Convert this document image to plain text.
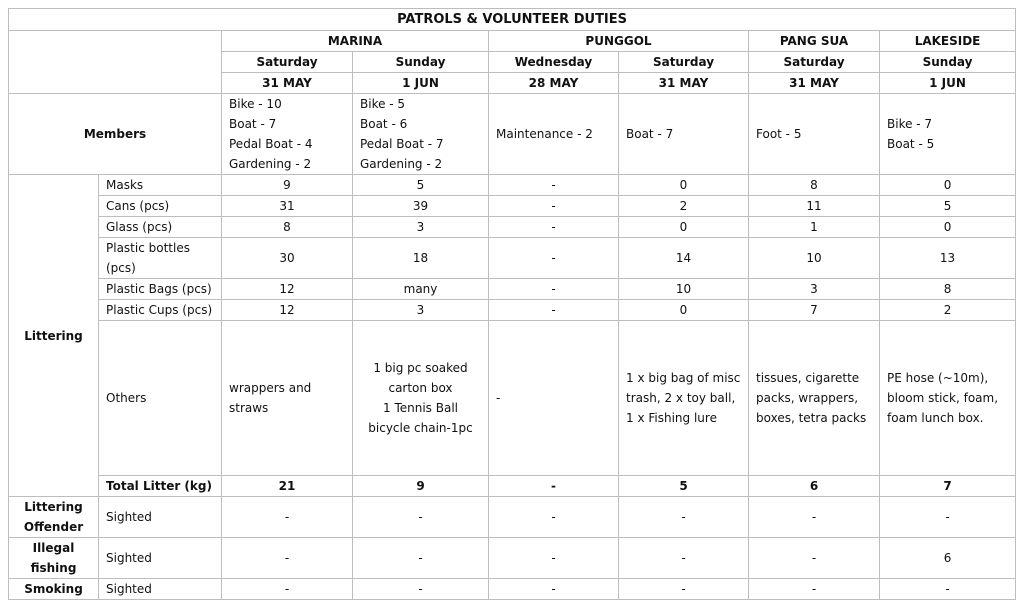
PATROLS & VOLUNTEER DUTIES							
		MARINA		PUNGGOL		PANG SUA	LAKESIDE
		Saturday	Sunday	Wednesday	Saturday	Saturday	Sunday
		31 MAY	1 JUN	28 MAY	31 MAY	31 MAY	1 JUN
Members		Bike - 10
Boat - 7
Pedal Boat - 4
Gardening - 2	Bike - 5
Boat - 6
Pedal Boat - 7
Gardening - 2	Maintenance - 2	Boat - 7	Foot - 5	Bike - 7
Boat - 5

Littering	Masks	9	5	-	0	8	0
	Cans (pcs)	31	39	-	2	11	5
	Glass (pcs)	8	3	-	0	1	0
	Plastic bottles (pcs)	30	18	-	14	10	13
	Plastic Bags (pcs)	12	many	-	10	3	8
	Plastic Cups (pcs)	12	3	-	0	7	2
	Others	wrappers and straws	1 big pc soaked
carton box
1 Tennis Ball
bicycle chain-1pc	-	1 x big bag of misc trash, 2 x toy ball, 1 x Fishing lure	tissues, cigarette packs, wrappers, boxes, tetra packs	PE hose (~10m), bloom stick, foam, foam lunch box.
	Total Litter (kg)	21	9	-	5	6	7
Littering Offender	Sighted	-	-	-	-	-	-
Illegal fishing	Sighted	-	-	-	-	-	6
Smoking	Sighted	-	-	-	-	-	-
